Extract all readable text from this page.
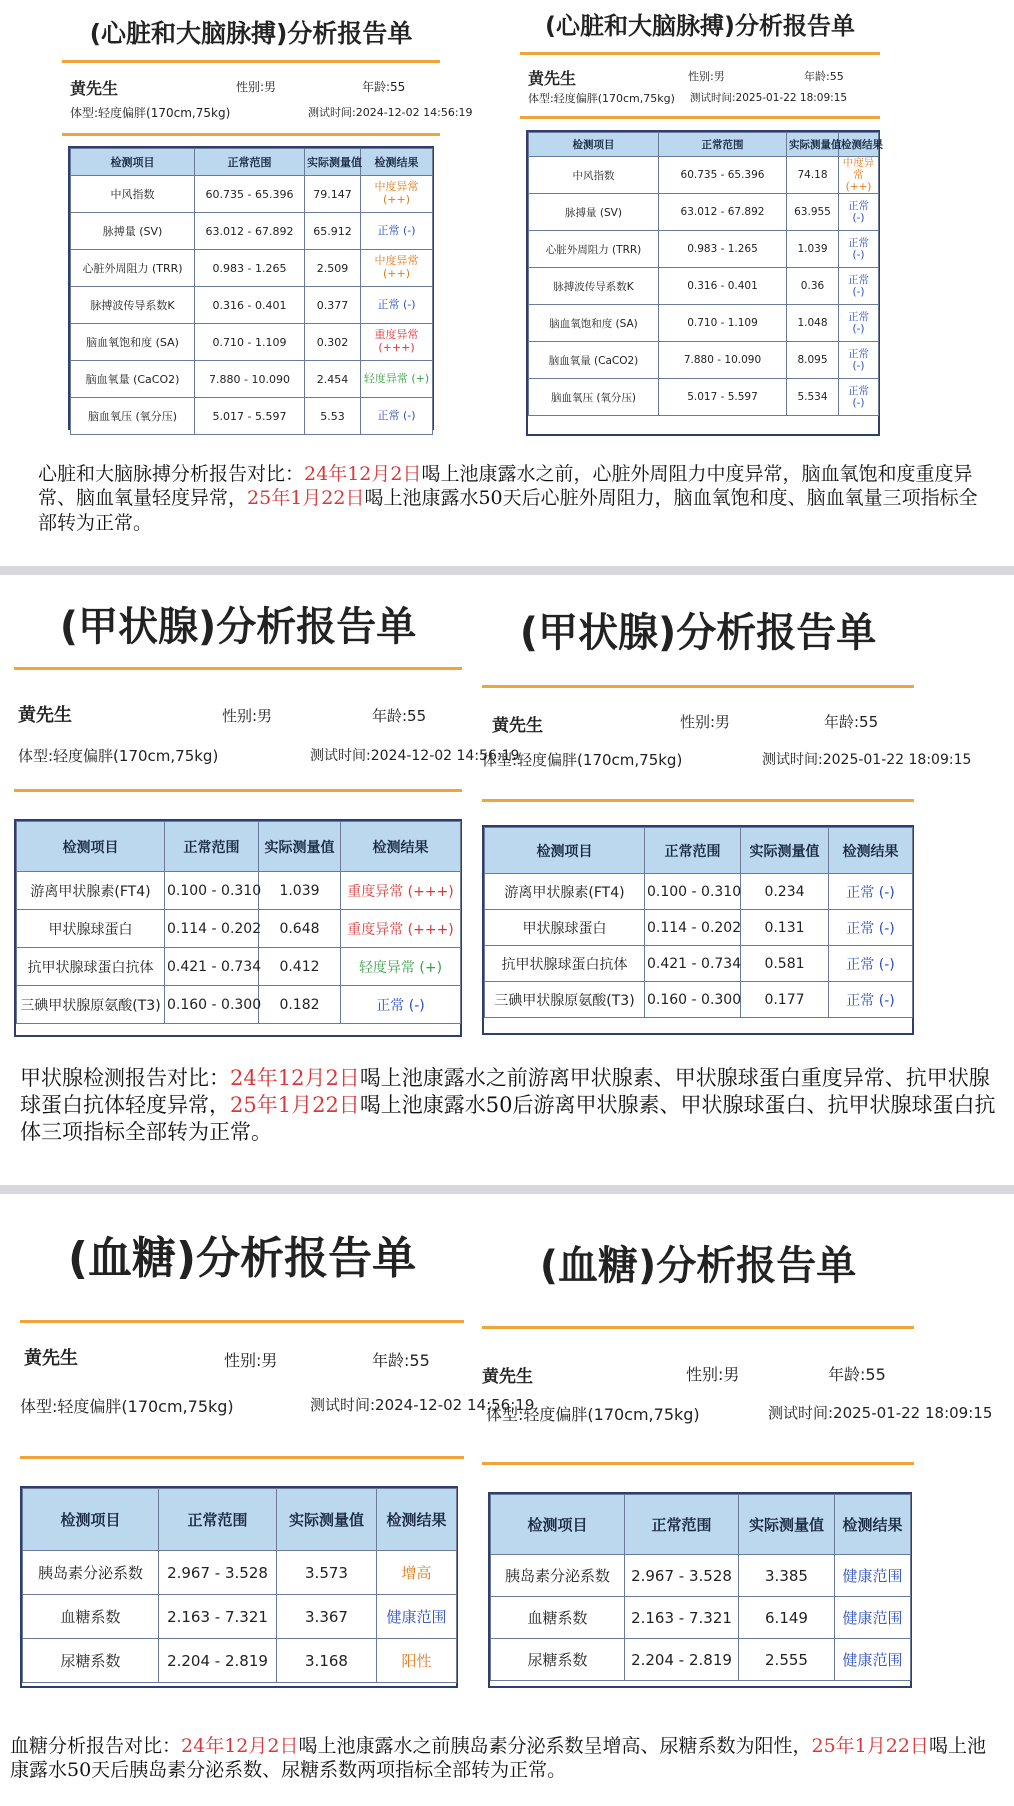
(心脏和大脑脉搏)分析报告单
黄先生	性别:男	年龄:55
体型:轻度偏胖(170cm,75kg)	测试时间:2024-12-02 14:56:19
检测项目	正常范围	实际测量值	检测结果
中风指数	60.735 - 65.396	79.147	中度异常 (++)
脉搏量 (SV)	63.012 - 67.892	65.912	正常 (-)
心脏外周阻力 (TRR)	0.983 - 1.265	2.509	中度异常 (++)
脉搏波传导系数K	0.316 - 0.401	0.377	正常 (-)
脑血氧饱和度 (SA)	0.710 - 1.109	0.302	重度异常 (+++)
脑血氧量 (CaCO2)	7.880 - 10.090	2.454	轻度异常 (+)
脑血氧压 (氧分压)	5.017 - 5.597	5.53	正常 (-)
(心脏和大脑脉搏)分析报告单
黄先生	性别:男	年龄:55
体型:轻度偏胖(170cm,75kg) 测试时间:2025-01-22 18:09:15
检测项目	正常范围	实际测量值	检测结果
中风指数	60.735 - 65.396	74.18	中度异常 (++)
脉搏量 (SV)	63.012 - 67.892	63.955	正常 (-)
心脏外周阻力 (TRR)	0.983 - 1.265	1.039	正常 (-)
脉搏波传导系数K	0.316 - 0.401	0.36	正常 (-)
脑血氧饱和度 (SA)	0.710 - 1.109	1.048	正常 (-)
脑血氧量 (CaCO2)	7.880 - 10.090	8.095	正常 (-)
脑血氧压 (氧分压)	5.017 - 5.597	5.534	正常 (-)

心脏和大脑脉搏分析报告对比：24年12月2日喝上池康露水之前，心脏外周阻力中度异常，脑血氧饱和度重度异常、脑血氧量轻度异常，25年1月22日喝上池康露水50天后心脏外周阻力，脑血氧饱和度、脑血氧量三项指标全部转为正常。

(甲状腺)分析报告单
黄先生	性别:男	年龄:55
体型:轻度偏胖(170cm,75kg)	测试时间:2024-12-02 14:56:19
检测项目	正常范围	实际测量值	检测结果
游离甲状腺素(FT4)	0.100 - 0.310	1.039	重度异常 (+++)
甲状腺球蛋白	0.114 - 0.202	0.648	重度异常 (+++)
抗甲状腺球蛋白抗体	0.421 - 0.734	0.412	轻度异常 (+)
三碘甲状腺原氨酸(T3)	0.160 - 0.300	0.182	正常 (-)
(甲状腺)分析报告单
黄先生	性别:男	年龄:55
体型:轻度偏胖(170cm,75kg)	测试时间:2025-01-22 18:09:15
检测项目	正常范围	实际测量值	检测结果
游离甲状腺素(FT4)	0.100 - 0.310	0.234	正常 (-)
甲状腺球蛋白	0.114 - 0.202	0.131	正常 (-)
抗甲状腺球蛋白抗体	0.421 - 0.734	0.581	正常 (-)
三碘甲状腺原氨酸(T3)	0.160 - 0.300	0.177	正常 (-)

甲状腺检测报告对比：24年12月2日喝上池康露水之前游离甲状腺素、甲状腺球蛋白重度异常、抗甲状腺球蛋白抗体轻度异常，25年1月22日喝上池康露水50后游离甲状腺素、甲状腺球蛋白、抗甲状腺球蛋白抗体三项指标全部转为正常。

(血糖)分析报告单
黄先生	性别:男	年龄:55
体型:轻度偏胖(170cm,75kg)	测试时间:2024-12-02 14:56:19
检测项目	正常范围	实际测量值	检测结果
胰岛素分泌系数	2.967 - 3.528	3.573	增高
血糖系数	2.163 - 7.321	3.367	健康范围
尿糖系数	2.204 - 2.819	3.168	阳性
(血糖)分析报告单
黄先生	性别:男	年龄:55
体型:轻度偏胖(170cm,75kg)	测试时间:2025-01-22 18:09:15
检测项目	正常范围	实际测量值	检测结果
胰岛素分泌系数	2.967 - 3.528	3.385	健康范围
血糖系数	2.163 - 7.321	6.149	健康范围
尿糖系数	2.204 - 2.819	2.555	健康范围

血糖分析报告对比：24年12月2日喝上池康露水之前胰岛素分泌系数呈增高、尿糖系数为阳性，25年1月22日喝上池康露水50天后胰岛素分泌系数、尿糖系数两项指标全部转为正常。
